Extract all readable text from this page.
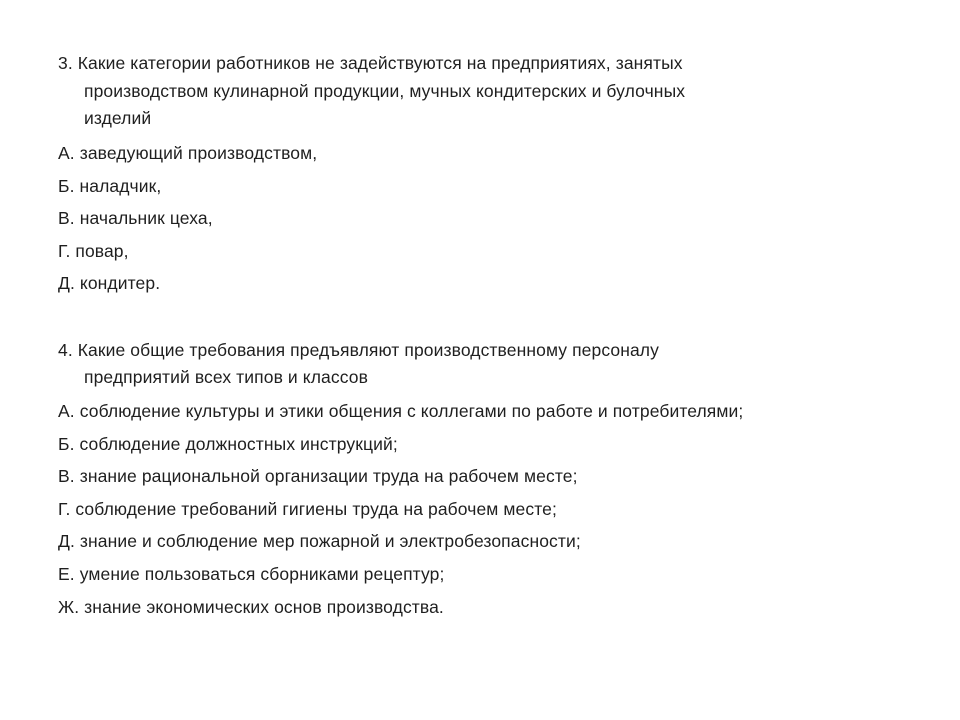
3. Какие категории работников не задействуются на предприятиях, занятых
производством кулинарной продукции, мучных кондитерских и булочных
изделий
А. заведующий производством,
Б. наладчик,
В. начальник цеха,
Г. повар,
Д. кондитер.
4. Какие общие требования предъявляют производственному персоналу
предприятий всех типов и классов
А. соблюдение культуры и этики общения с коллегами по работе и потребителями;
Б. соблюдение должностных инструкций;
В. знание рациональной организации труда на рабочем месте;
Г. соблюдение требований гигиены труда на рабочем месте;
Д. знание и соблюдение мер пожарной и электробезопасности;
Е. умение пользоваться сборниками рецептур;
Ж. знание экономических основ производства.
